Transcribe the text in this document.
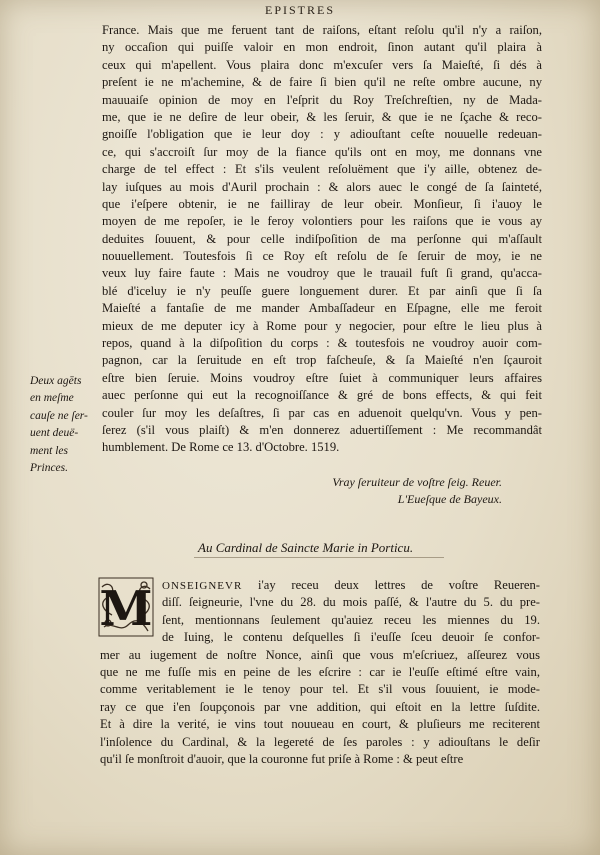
EPISTRES
France. Mais que me feruent tant de raiſons, eſtant reſolu qu'il n'y a raiſon,
ny occaſion qui puiſſe valoir en mon endroit, ſinon autant qu'il plaira à
ceux qui m'apellent. Vous plaira donc m'excuſer vers ſa Maieſté, ſi dés à
preſent ie ne m'achemine, & de faire ſi bien qu'il ne reſte ombre aucune, ny
mauuaiſe opinion de moy en l'eſprit du Roy Treſchreſtien, ny de Mada-
me, que ie ne deſire de leur obeir, & les ſeruir, & que ie ne ſçache & reco-
gnoiſſe l'obligation que ie leur doy : y adiouſtant ceſte nouuelle redeuan-
ce, qui s'accroiſt ſur moy de la fiance qu'ils ont en moy, me donnans vne
charge de tel effect : Et s'ils veulent reſoluëment que i'y aille, obtenez de-
lay iuſques au mois d'Auril prochain : & alors auec le congé de ſa ſainteté,
que i'eſpere obtenir, ie ne failliray de leur obeir. Monſieur, ſi i'auoy le
moyen de me repoſer, ie le feroy volontiers pour les raiſons que ie vous ay
deduites ſouuent, & pour celle indiſpoſition de ma perſonne qui m'aſſault
nouuellement. Toutesfois ſi ce Roy eſt reſolu de ſe ſeruir de moy, ie ne
veux luy faire faute : Mais ne voudroy que le trauail fuſt ſi grand, qu'acca-
blé d'iceluy ie n'y peuſſe guere longuement durer. Et par ainſi que ſi ſa
Maieſté a fantaſie de me mander Ambaſſadeur en Eſpagne, elle me feroit
mieux de me deputer icy à Rome pour y negocier, pour eſtre le lieu plus à
repos, quand à la diſpoſition du corps : & toutesfois ne voudroy auoir com-
pagnon, car la ſeruitude en eſt trop faſcheuſe, & ſa Maieſté n'en ſçauroit
eſtre bien ſeruie. Moins voudroy eſtre ſuiet à communiquer leurs affaires
auec perſonne qui eut la recognoiſſance & gré de bons effects, & qui feit
couler ſur moy les deſaſtres, ſi par cas en aduenoit quelqu'vn. Vous y pen-
ſerez (s'il vous plaiſt) & m'en donnerez aduertiſſement : Me recommandât
humblement. De Rome ce 13. d'Octobre. 1519.
Deux agēts
en meſme
cauſe ne ſer-
uent deuë-
ment les
Princes.
Vray ſeruiteur de voſtre ſeig. Reuer.
L'Eueſque de Bayeux.
Au Cardinal de Saincte Marie in Porticu.
M ONSEIGNEVR i'ay receu deux lettres de voſtre Reueren-
diſſ. ſeigneurie, l'vne du 28. du mois paſſé, & l'autre du 5. du pre-
ſent, mentionnans ſeulement qu'auiez receu les miennes du 19.
de Iuing, le contenu deſquelles ſi i'euſſe ſceu deuoir ſe confor-
mer au iugement de noſtre Nonce, ainſi que vous m'eſcriuez, aſſeurez vous
que ne me fuſſe mis en peine de les eſcrire : car ie l'euſſe eſtimé eſtre vain,
comme veritablement ie le tenoy pour tel. Et s'il vous ſouuient, ie mode-
ray ce que i'en ſoupçonois par vne addition, qui eſtoit en la lettre ſuſdite.
Et à dire la verité, ie vins tout nouueau en court, & pluſieurs me reciterent
l'inſolence du Cardinal, & la legereté de ſes paroles : y adiouſtans le deſir
qu'il ſe monſtroit d'auoir, que la couronne fut priſe à Rome : & peut eſtre
